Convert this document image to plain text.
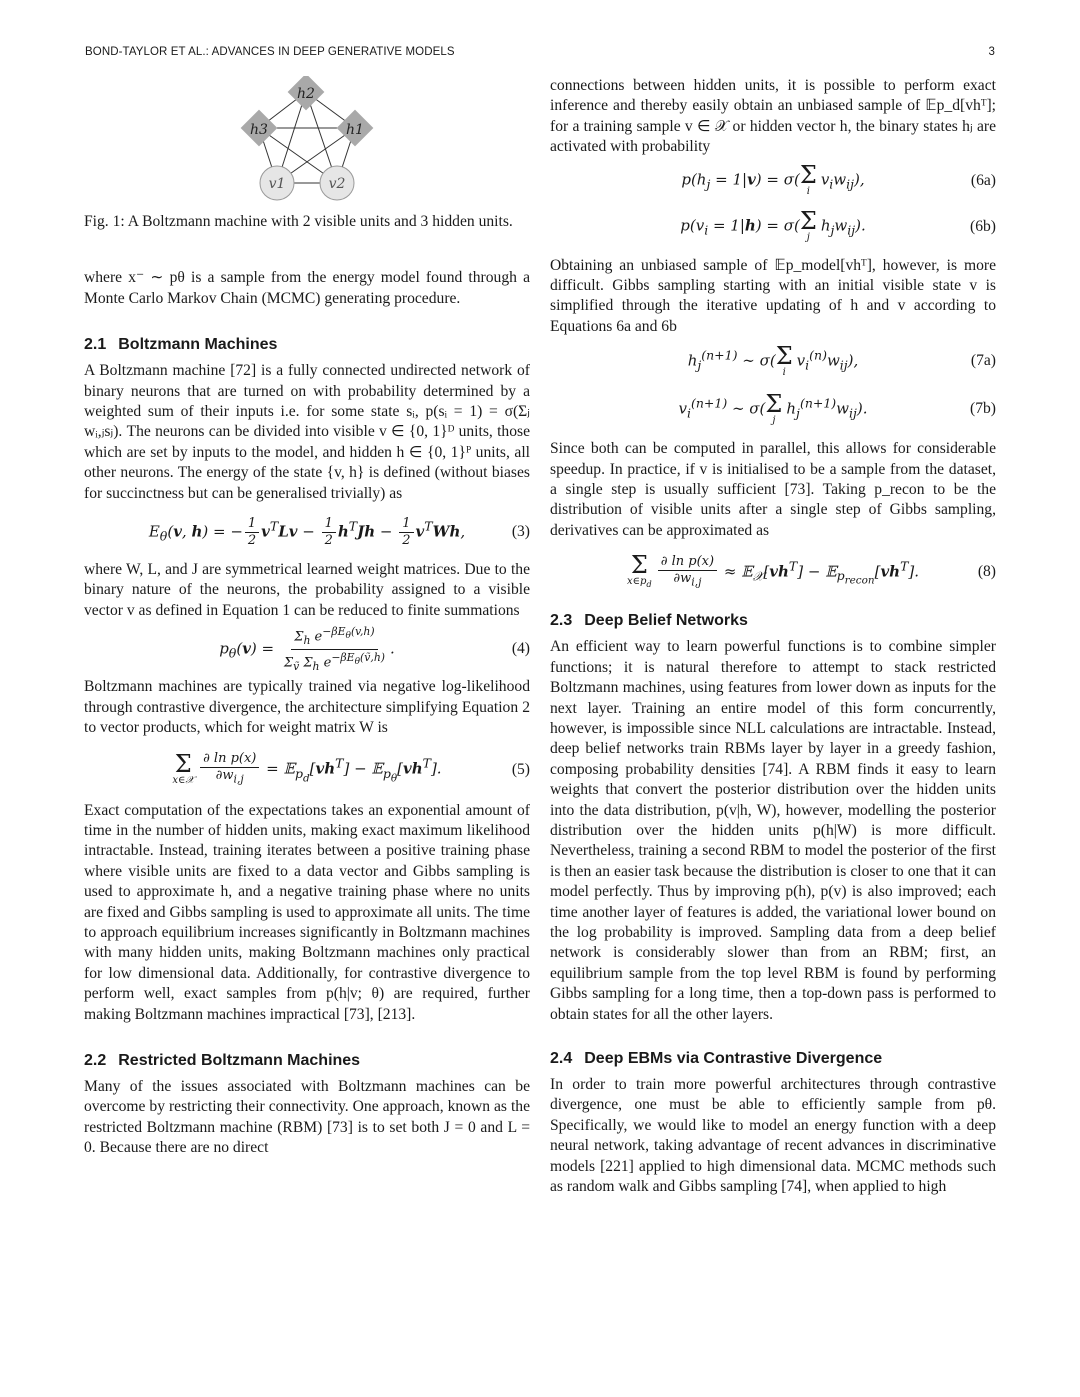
BOND-TAYLOR ET AL.: ADVANCES IN DEEP GENERATIVE MODELS	3
h2
h3	h1
v1	v2

Fig. 1: A Boltzmann machine with 2 visible units and 3 hidden units.

where x⁻ ∼ pθ is a sample from the energy model found through a Monte Carlo Markov Chain (MCMC) generating procedure.

2.1 Boltzmann Machines

A Boltzmann machine [72] is a fully connected undirected network of binary neurons that are turned on with probability determined by a weighted sum of their inputs i.e. for some state sᵢ, p(sᵢ = 1) = σ(Σⱼ wᵢ,ⱼsⱼ). The neurons can be divided into visible v ∈ {0, 1}ᴰ units, those which are set by inputs to the model, and hidden h ∈ {0, 1}ᴾ units, all other neurons. The energy of the state {v, h} is defined (without biases for succinctness but can be generalised trivially) as

$E_\theta(v$, h) = − $\frac{1}{2} v^TLv - \frac{1}{2} h^TJh - \frac{1}{2} v^TWh$,	(3)

where W, L, and J are symmetrical learned weight matrices. Due to the binary nature of the neurons, the probability assigned to a visible vector v as defined in Equation 1 can be reduced to finite summations

$p_\theta(v) = \frac{\Sigma_h e^{-\beta E_\theta(v,h)}}{\Sigma_ṽ \Sigma_h e^{-\beta E_\theta(ṽ,h)}}$ .	(4)

Boltzmann machines are typically trained via negative log-likelihood through contrastive divergence, the architecture simplifying Equation 2 to vector products, which for weight matrix W is

Σ
x∈𝒳 $\frac{\text{∂ ln p(x)}}{\partial w_{i,j}}$ = $𝔼_{p_d}[vh^T]$ − $𝔼_{p_\theta}[vh^T]$.	(5)

Exact computation of the expectations takes an exponential amount of time in the number of hidden units, making exact maximum likelihood intractable. Instead, training iterates between a positive training phase where visible units are fixed to a data vector and Gibbs sampling is used to approximate h, and a negative training phase where no units are fixed and Gibbs sampling is used to approximate all units. The time to approach equilibrium increases significantly in Boltzmann machines with many hidden units, making Boltzmann machines only practical for low dimensional data. Additionally, for contrastive divergence to perform well, exact samples from p(h|v; θ) are required, further making Boltzmann machines impractical [73], [213].

2.2 Restricted Boltzmann Machines

Many of the issues associated with Boltzmann machines can be overcome by restricting their connectivity. One approach, known as the restricted Boltzmann machine (RBM) [73] is to set both J = 0 and L = 0. Because there are no direct

connections between hidden units, it is possible to perform exact inference and thereby easily obtain an unbiased sample of 𝔼p_d[vhᵀ]; for a training sample v ∈ 𝒳 or hidden vector h, the binary states hⱼ are activated with probability

$p(h_j = 1|v) = \sigma$( Σ
i
$v_iw_{ij}$),	(6a)
$p(v_i = 1|h) = \sigma$( Σ
j
$h_jw_{ij}$).	(6b)

Obtaining an unbiased sample of 𝔼p_model[vhᵀ], however, is more difficult. Gibbs sampling starting with an initial visible state v is simplified through the iterative updating of h and v according to Equations 6a and 6b

$h_j^{(n+1)}$ ∼ σ( Σ
i
$v_i^{(n)}w_{ij}$),	(7a)
$v_i^{(n+1)}$ ∼ σ( Σ
j
$h_j^{(n+1)}w_{ij}$).	(7b)

Since both can be computed in parallel, this allows for considerable speedup. In practice, if v is initialised to be a sample from the dataset, a single step is usually sufficient [73]. Taking p_recon to be the distribution of visible units after a single step of Gibbs sampling, derivatives can be approximated as

Σ
$x\in p_d \frac{\text{∂ ln p(x)}}{\partial w_{i,j}}$ ≈ $𝔼_𝒳[vh^T]$ − $𝔼_{p_{recon}}[vh^T]$.	(8)
2.3 Deep Belief Networks

An efficient way to learn powerful functions is to combine simpler functions; it is natural therefore to attempt to stack restricted Boltzmann machines, using features from lower down as inputs for the next layer. Training an entire model of this form concurrently, however, is impossible since NLL calculations are intractable. Instead, deep belief networks train RBMs layer by layer in a greedy fashion, composing probability densities [74]. A RBM finds it easy to learn weights that convert the posterior distribution over the hidden units into the data distribution, p(v|h, W), however, modelling the posterior distribution over the hidden units p(h|W) is more difficult. Nevertheless, training a second RBM to model the posterior of the first is then an easier task because the distribution is closer to one that it can model perfectly. Thus by improving p(h), p(v) is also improved; each time another layer of features is added, the variational lower bound on the log probability is improved. Sampling data from a deep belief network is considerably slower than from an RBM; first, an equilibrium sample from the top level RBM is found by performing Gibbs sampling for a long time, then a top-down pass is performed to obtain states for all the other layers.

2.4 Deep EBMs via Contrastive Divergence

In order to train more powerful architectures through contrastive divergence, one must be able to efficiently sample from pθ. Specifically, we would like to model an energy function with a deep neural network, taking advantage of recent advances in discriminative models [221] applied to high dimensional data. MCMC methods such as random walk and Gibbs sampling [74], when applied to high
